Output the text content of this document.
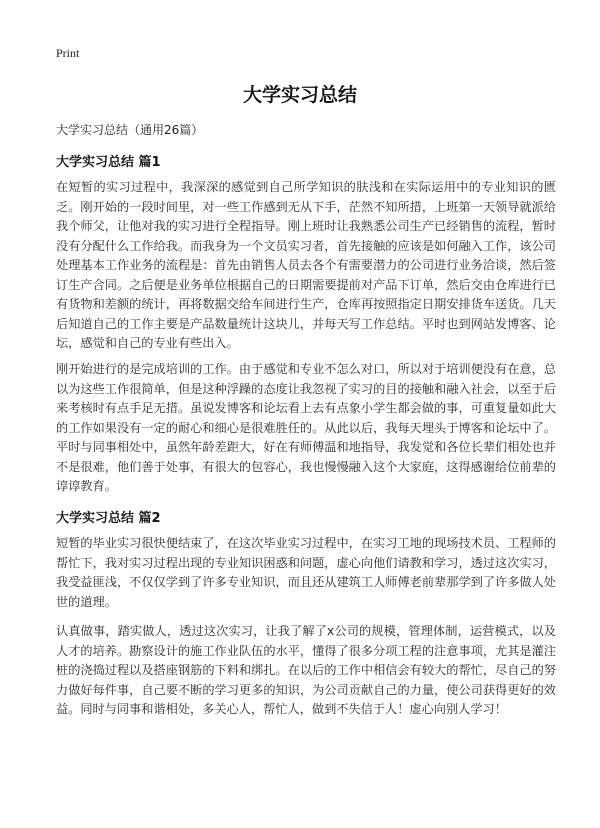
Print
大学实习总结
大学实习总结（通用26篇）
大学实习总结 篇1
在短暂的实习过程中，我深深的感觉到自己所学知识的肤浅和在实际运用中的专业知识的匮乏。刚开始的一段时间里，对一些工作感到无从下手，茫然不知所措，上班第一天领导就派给我个师父，让他对我的实习进行全程指导。刚上班时让我熟悉公司生产已经销售的流程，暂时没有分配什么工作给我。而我身为一个文员实习者，首先接触的应该是如何融入工作，该公司处理基本工作业务的流程是：首先由销售人员去各个有需要潜力的公司进行业务洽谈，然后签订生产合同。之后便是业务单位根据自己的日期需要提前对产品下订单，然后交由仓库进行已有货物和差额的统计，再将数据交给车间进行生产，仓库再按照指定日期安排货车送货。几天后知道自己的工作主要是产品数量统计这块儿，并每天写工作总结。平时也到网站发博客、论坛，感觉和自己的专业有些出入。
刚开始进行的是完成培训的工作。由于感觉和专业不怎么对口，所以对于培训便没有在意，总以为这些工作很简单，但是这种浮躁的态度让我忽视了实习的目的接触和融入社会，以至于后来考核时有点手足无措。虽说发博客和论坛看上去有点象小学生都会做的事，可重复量如此大的工作如果没有一定的耐心和细心是很难胜任的。从此以后，我每天埋头于博客和论坛中了。平时与同事相处中，虽然年龄差距大，好在有师傅温和地指导，我发觉和各位长辈们相处也并不是很难，他们善于处事，有很大的包容心，我也慢慢融入这个大家庭，这得感谢给位前辈的谆谆教育。
大学实习总结 篇2
短暂的毕业实习很快便结束了，在这次毕业实习过程中，在实习工地的现场技术员、工程师的帮忙下，我对实习过程出现的专业知识困惑和问题，虚心向他们请教和学习，透过这次实习，我受益匪浅，不仅仅学到了许多专业知识，而且还从建筑工人师傅老前辈那学到了许多做人处世的道理。
认真做事，踏实做人，透过这次实习，让我了解了x公司的规模，管理体制，运营模式，以及人才的培养。勘察设计的施工作业队伍的水平，懂得了很多分项工程的注意事项，尤其是灌注桩的浇捣过程以及搭座钢筋的下料和绑扎。在以后的工作中相信会有较大的帮忙，尽自己的努力做好每件事，自己要不断的学习更多的知识，为公司贡献自己的力量，使公司获得更好的效益。同时与同事和谐相处，多关心人，帮忙人，做到不失信于人！虚心向别人学习！
